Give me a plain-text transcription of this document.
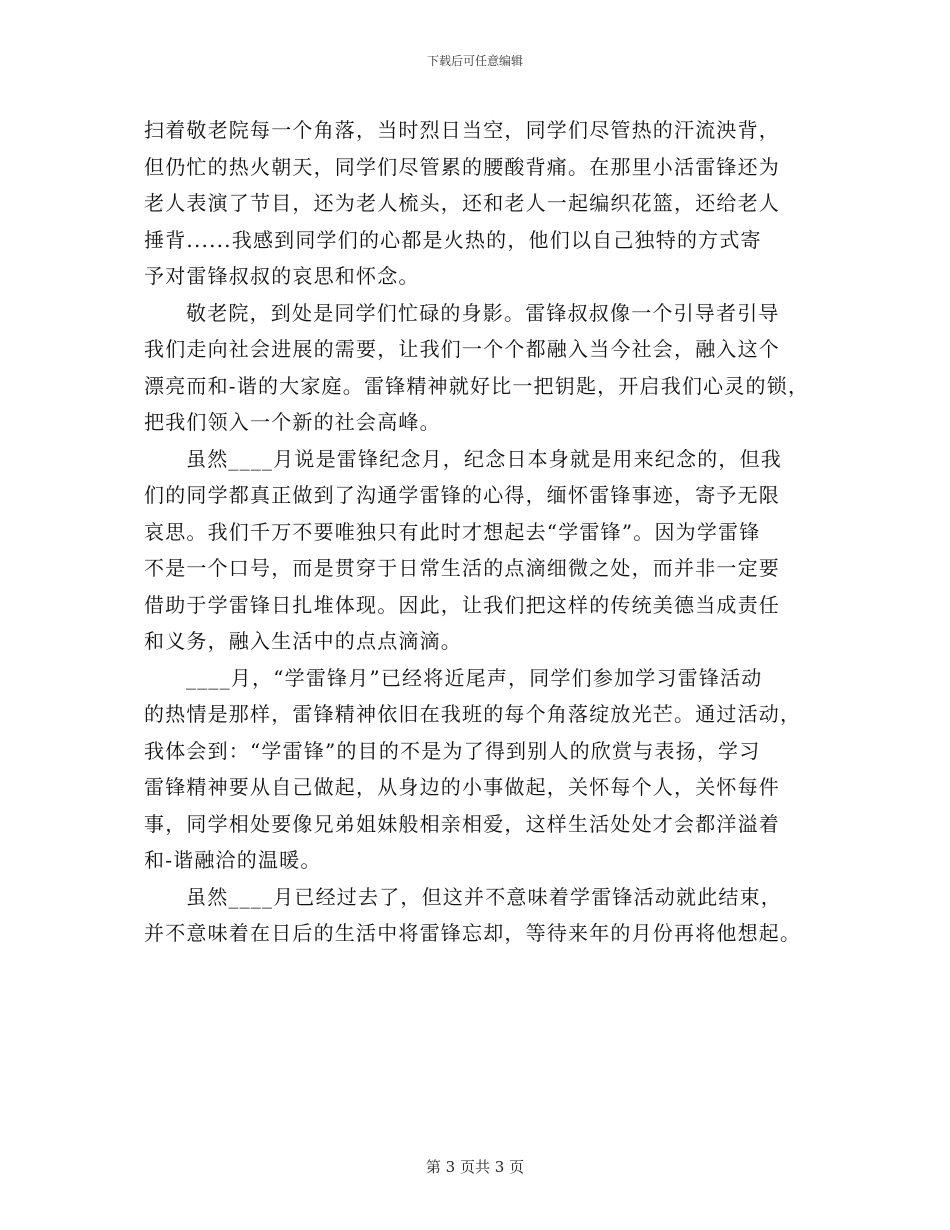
下载后可任意编辑
扫着敬老院每一个角落，当时烈日当空，同学们尽管热的汗流泱背，
但仍忙的热火朝天，同学们尽管累的腰酸背痛。在那里小活雷锋还为
老人表演了节目，还为老人梳头，还和老人一起编织花篮，还给老人
捶背......我感到同学们的心都是火热的，他们以自己独特的方式寄
予对雷锋叔叔的哀思和怀念。
敬老院，到处是同学们忙碌的身影。雷锋叔叔像一个引导者引导
我们走向社会进展的需要，让我们一个个都融入当今社会，融入这个
漂亮而和-谐的大家庭。雷锋精神就好比一把钥匙，开启我们心灵的锁，
把我们领入一个新的社会高峰。
虽然____月说是雷锋纪念月，纪念日本身就是用来纪念的，但我
们的同学都真正做到了沟通学雷锋的心得，缅怀雷锋事迹，寄予无限
哀思。我们千万不要唯独只有此时才想起去“学雷锋”。因为学雷锋
不是一个口号，而是贯穿于日常生活的点滴细微之处，而并非一定要
借助于学雷锋日扎堆体现。因此，让我们把这样的传统美德当成责任
和义务，融入生活中的点点滴滴。
____月，“学雷锋月”已经将近尾声，同学们参加学习雷锋活动
的热情是那样，雷锋精神依旧在我班的每个角落绽放光芒。通过活动，
我体会到：“学雷锋”的目的不是为了得到别人的欣赏与表扬，学习
雷锋精神要从自己做起，从身边的小事做起，关怀每个人，关怀每件
事，同学相处要像兄弟姐妹般相亲相爱，这样生活处处才会都洋溢着
和-谐融洽的温暖。
虽然____月已经过去了，但这并不意味着学雷锋活动就此结束，
并不意味着在日后的生活中将雷锋忘却，等待来年的月份再将他想起。
第 3 页共 3 页
